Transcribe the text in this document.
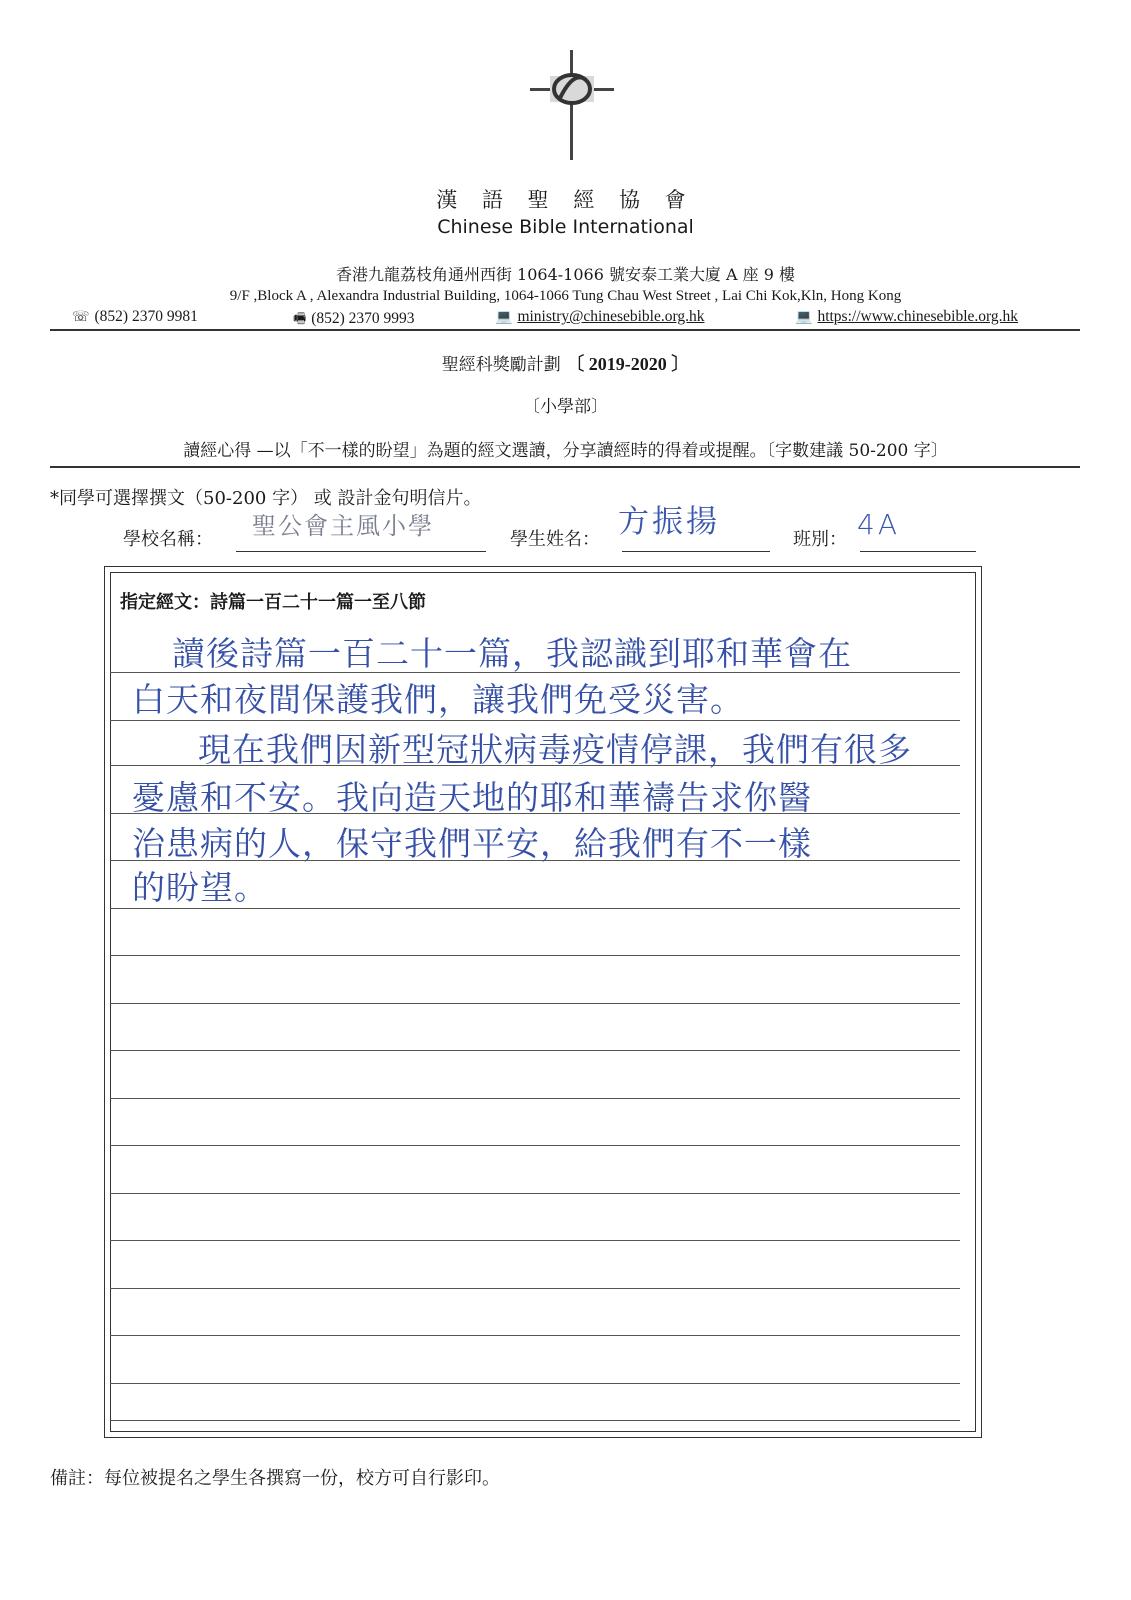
漢 語 聖 經 協 會
Chinese Bible International
香港九龍荔枝角通州西街 1064-1066 號安泰工業大廈 A 座 9 樓
9/F ,Block A , Alexandra Industrial Building, 1064-1066 Tung Chau West Street , Lai Chi Kok,Kln, Hong Kong
☏ (852) 2370 9981	🖷 (852) 2370 9993	💻 ministry@chinesebible.org.hk	💻 https://www.chinesebible.org.hk
聖經科獎勵計劃 〔 2019-2020 〕
〔小學部〕
讀經心得 —以「不一樣的盼望」為題的經文選讀，分享讀經時的得着或提醒。〔字數建議 50-200 字〕
*同學可選擇撰文（50-200 字） 或 設計金句明信片。
學校名稱： 聖公會主風小學	學生姓名： 方振揚	班別： 4A
指定經文：詩篇一百二十一篇一至八節
讀後詩篇一百二十一篇，我認識到耶和華會在
白天和夜間保護我們，讓我們免受災害。
　　現在我們因新型冠狀病毒疫情停課，我們有很多
憂慮和不安。我向造天地的耶和華禱告求你醫
治患病的人，保守我們平安，給我們有不一樣
的盼望。
備註：每位被提名之學生各撰寫一份，校方可自行影印。
